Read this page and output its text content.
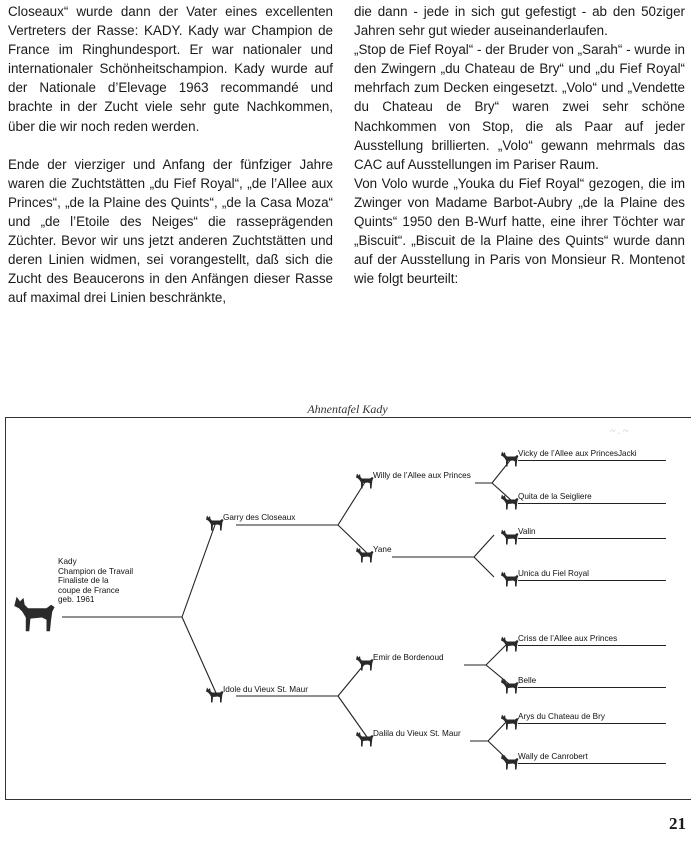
Closeaux“ wurde dann der Vater eines excellenten Vertreters der Rasse: KADY. Kady war Champion de France im Ringhundesport. Er war nationaler und internationaler Schönheitschampion. Kady wurde auf der Nationale d’Elevage 1963 recommandé und brachte in der Zucht viele sehr gute Nachkommen, über die wir noch reden werden.

Ende der vierziger und Anfang der fünfziger Jahre waren die Zuchtstätten „du Fief Royal“, „de l’Allee aux Princes“, „de la Plaine des Quints“, „de la Casa Moza“ und „de l’Etoile des Neiges“ die rasseprägenden Züchter. Bevor wir uns jetzt anderen Zuchtstätten und deren Linien widmen, sei vorangestellt, daß sich die Zucht des Beaucerons in den Anfängen dieser Rasse auf maximal drei Linien beschränkte,

die dann - jede in sich gut gefestigt - ab den 50ziger Jahren sehr gut wieder auseinanderlaufen.

„Stop de Fief Royal“ - der Bruder von „Sarah“ - wurde in den Zwingern „du Chateau de Bry“ und „du Fief Royal“ mehrfach zum Decken eingesetzt. „Volo“ und „Vendette du Chateau de Bry“ waren zwei sehr schöne Nachkommen von Stop, die als Paar auf jeder Ausstellung brillierten. „Volo“ gewann mehrmals das CAC auf Ausstellungen im Pariser Raum.

Von Volo wurde „Youka du Fief Royal“ gezogen, die im Zwinger von Madame Barbot-Aubry „de la Plaine des Quints“ 1950 den B-Wurf hatte, eine ihrer Töchter war „Biscuit“. „Biscuit de la Plaine des Quints“ wurde dann auf der Ausstellung in Paris von Monsieur R. Montenot wie folgt beurteilt:

Ahnentafel Kady
~ . ~
Kady
Champion de Travail
Finaliste de la
coupe de France
geb. 1961
Garry des Closeaux
Idole du Vieux St. Maur
Willy de l’Allee aux Princes
Yane
Emir de Bordenoud
Dalila du Vieux St. Maur
Vicky de l’Allee aux PrincesJacki
Quita de la Seigliere
Valin
Unica du Fiel Royal
Criss de l’Allee aux Princes
Belle
Arys du Chateau de Bry
Wally de Canrobert
21
